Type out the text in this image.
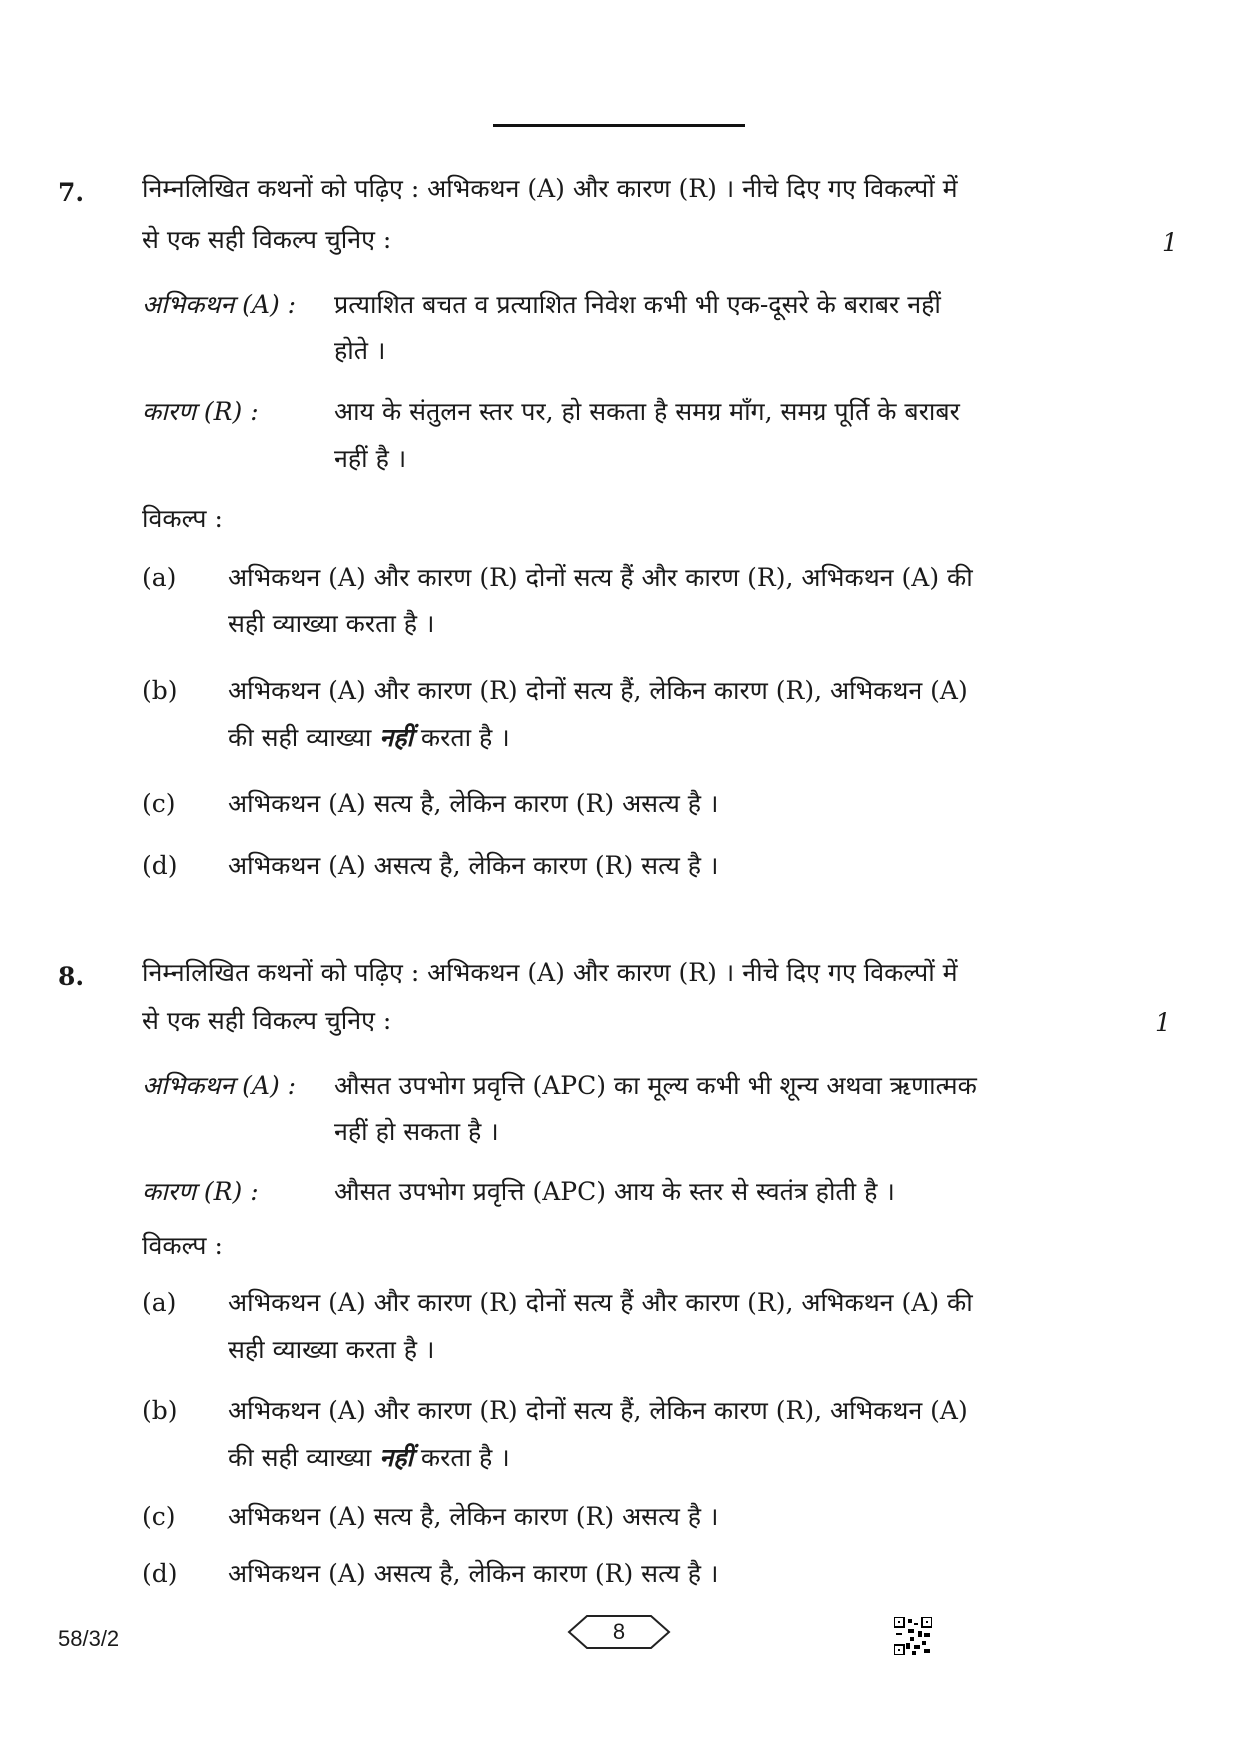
7. निम्नलिखित कथनों को पढ़िए : अभिकथन (A) और कारण (R) । नीचे दिए गए विकल्पों में
से एक सही विकल्प चुनिए :	1
अभिकथन (A) : प्रत्याशित बचत व प्रत्याशित निवेश कभी भी एक-दूसरे के बराबर नहीं
होते ।
कारण (R) :	आय के संतुलन स्तर पर, हो सकता है समग्र माँग, समग्र पूर्ति के बराबर
नहीं है ।
विकल्प :
(a) अभिकथन (A) और कारण (R) दोनों सत्य हैं और कारण (R), अभिकथन (A) की
सही व्याख्या करता है ।
(b) अभिकथन (A) और कारण (R) दोनों सत्य हैं, लेकिन कारण (R), अभिकथन (A)
की सही व्याख्या नहीं करता है ।
(c) अभिकथन (A) सत्य है, लेकिन कारण (R) असत्य है ।
(d) अभिकथन (A) असत्य है, लेकिन कारण (R) सत्य है ।
8. निम्नलिखित कथनों को पढ़िए : अभिकथन (A) और कारण (R) । नीचे दिए गए विकल्पों में
से एक सही विकल्प चुनिए :	1
अभिकथन (A) : औसत उपभोग प्रवृत्ति (APC) का मूल्य कभी भी शून्य अथवा ऋणात्मक
नहीं हो सकता है ।
कारण (R) :	औसत उपभोग प्रवृत्ति (APC) आय के स्तर से स्वतंत्र होती है ।
विकल्प :
(a) अभिकथन (A) और कारण (R) दोनों सत्य हैं और कारण (R), अभिकथन (A) की
सही व्याख्या करता है ।
(b) अभिकथन (A) और कारण (R) दोनों सत्य हैं, लेकिन कारण (R), अभिकथन (A)
की सही व्याख्या नहीं करता है ।
(c) अभिकथन (A) सत्य है, लेकिन कारण (R) असत्य है ।
(d) अभिकथन (A) असत्य है, लेकिन कारण (R) सत्य है ।
58/3/2	8
